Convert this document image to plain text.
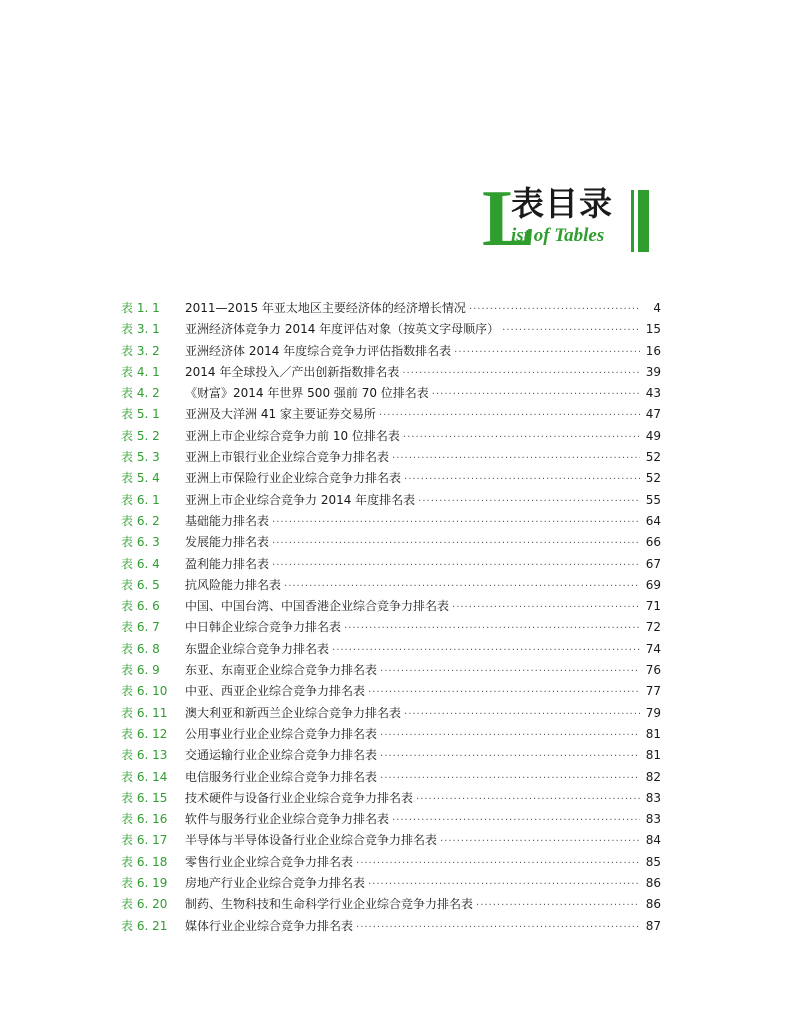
L
表目录
ist of Tables
表 1. 1	2011—2015 年亚太地区主要经济体的经济增长情况 ·····	4
表 3. 1	亚洲经济体竞争力 2014 年度评估对象（按英文字母顺序） ·····	15
表 3. 2	亚洲经济体 2014 年度综合竞争力评估指数排名表 ·····	16
表 4. 1	2014 年全球投入／产出创新指数排名表 ·····	39
表 4. 2	《财富》2014 年世界 500 强前 70 位排名表 ·····	43
表 5. 1	亚洲及大洋洲 41 家主要证券交易所 ·····	47
表 5. 2	亚洲上市企业综合竞争力前 10 位排名表 ·····	49
表 5. 3	亚洲上市银行业企业综合竞争力排名表 ·····	52
表 5. 4	亚洲上市保险行业企业综合竞争力排名表 ·····	52
表 6. 1	亚洲上市企业综合竞争力 2014 年度排名表 ·····	55
表 6. 2	基础能力排名表 ·····	64
表 6. 3	发展能力排名表 ·····	66
表 6. 4	盈利能力排名表 ·····	67
表 6. 5	抗风险能力排名表 ·····	69
表 6. 6	中国、中国台湾、中国香港企业综合竞争力排名表 ·····	71
表 6. 7	中日韩企业综合竞争力排名表 ·····	72
表 6. 8	东盟企业综合竞争力排名表 ·····	74
表 6. 9	东亚、东南亚企业综合竞争力排名表 ·····	76
表 6. 10	中亚、西亚企业综合竞争力排名表 ·····	77
表 6. 11	澳大利亚和新西兰企业综合竞争力排名表 ·····	79
表 6. 12	公用事业行业企业综合竞争力排名表 ·····	81
表 6. 13	交通运输行业企业综合竞争力排名表 ·····	81
表 6. 14	电信服务行业企业综合竞争力排名表 ·····	82
表 6. 15	技术硬件与设备行业企业综合竞争力排名表 ·····	83
表 6. 16	软件与服务行业企业综合竞争力排名表 ·····	83
表 6. 17	半导体与半导体设备行业企业综合竞争力排名表 ·····	84
表 6. 18	零售行业企业综合竞争力排名表 ·····	85
表 6. 19	房地产行业企业综合竞争力排名表 ·····	86
表 6. 20	制药、生物科技和生命科学行业企业综合竞争力排名表 ·····	86
表 6. 21	媒体行业企业综合竞争力排名表 ·····	87
